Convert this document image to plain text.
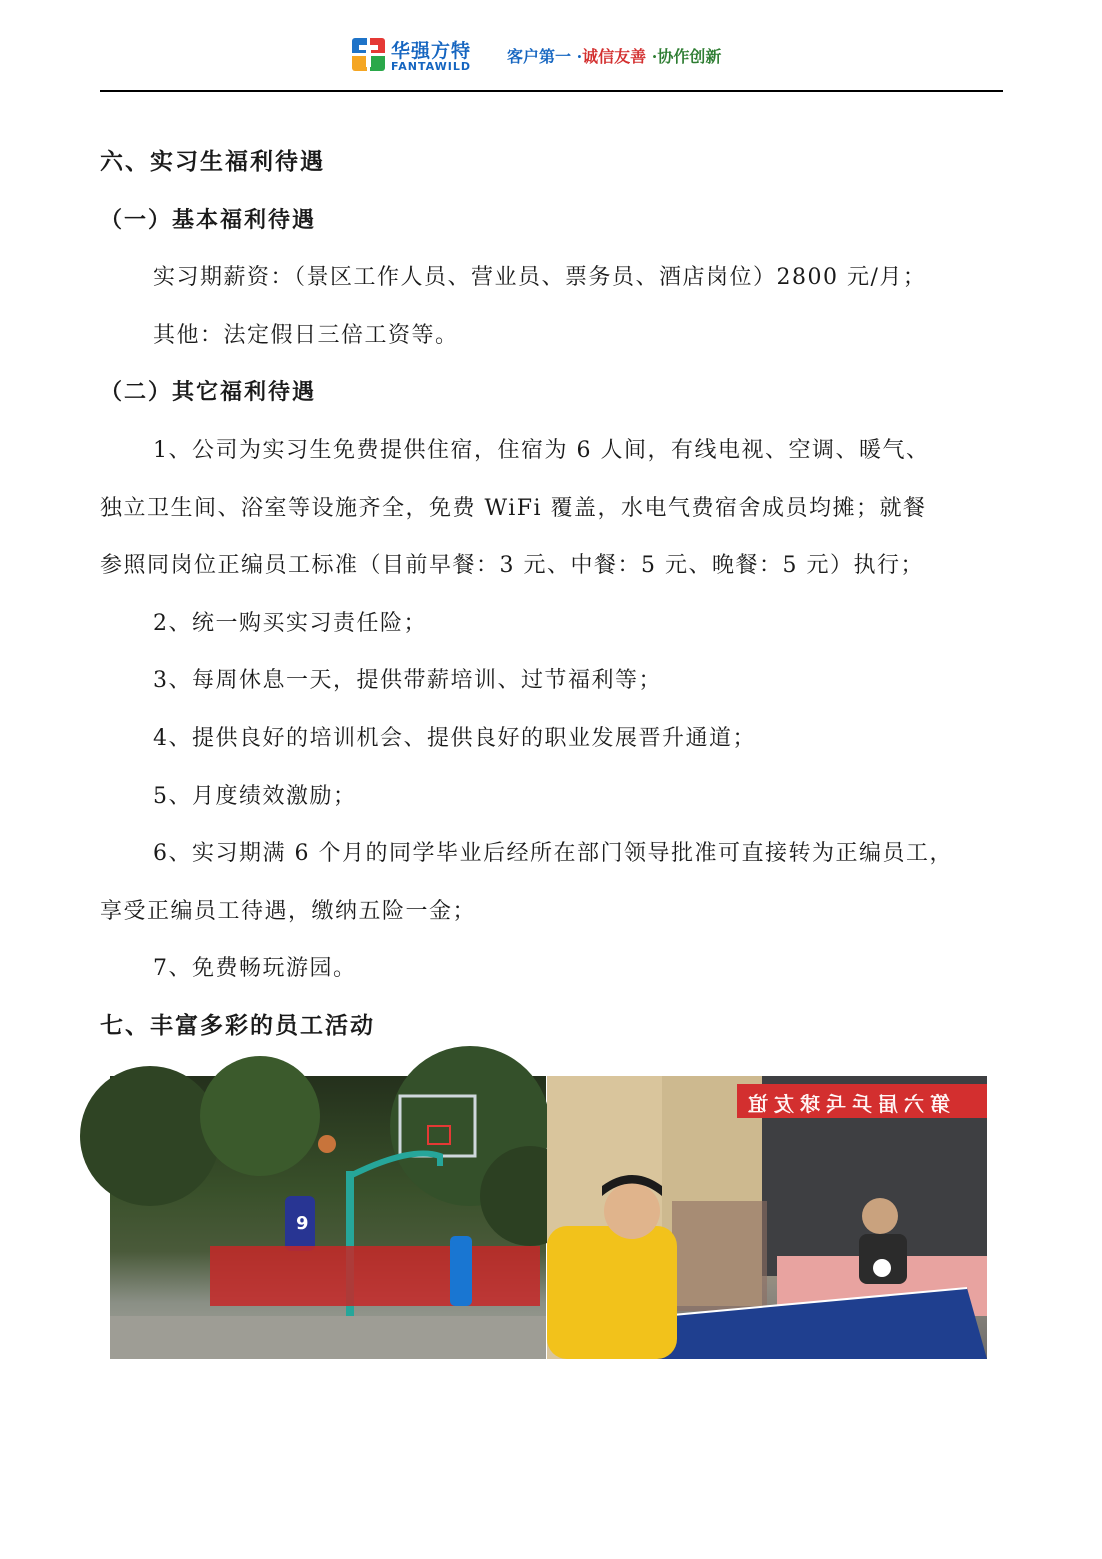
华强方特
FANTAWILD
客户第一 ·诚信友善 ·协作创新
六、实习生福利待遇
（一）基本福利待遇
实习期薪资：（景区工作人员、营业员、票务员、酒店岗位）2800 元/月；
其他：法定假日三倍工资等。
（二）其它福利待遇
1、公司为实习生免费提供住宿，住宿为 6 人间，有线电视、空调、暖气、
独立卫生间、浴室等设施齐全，免费 WiFi 覆盖，水电气费宿舍成员均摊；就餐
参照同岗位正编员工标准（目前早餐：3 元、中餐：5 元、晚餐：5 元）执行；
2、统一购买实习责任险；
3、每周休息一天，提供带薪培训、过节福利等；
4、提供良好的培训机会、提供良好的职业发展晋升通道；
5、月度绩效激励；
6、实习期满 6 个月的同学毕业后经所在部门领导批准可直接转为正编员工，
享受正编员工待遇，缴纳五险一金；
7、免费畅玩游园。
七、丰富多彩的员工活动
9
第六届乒乓球友谊
